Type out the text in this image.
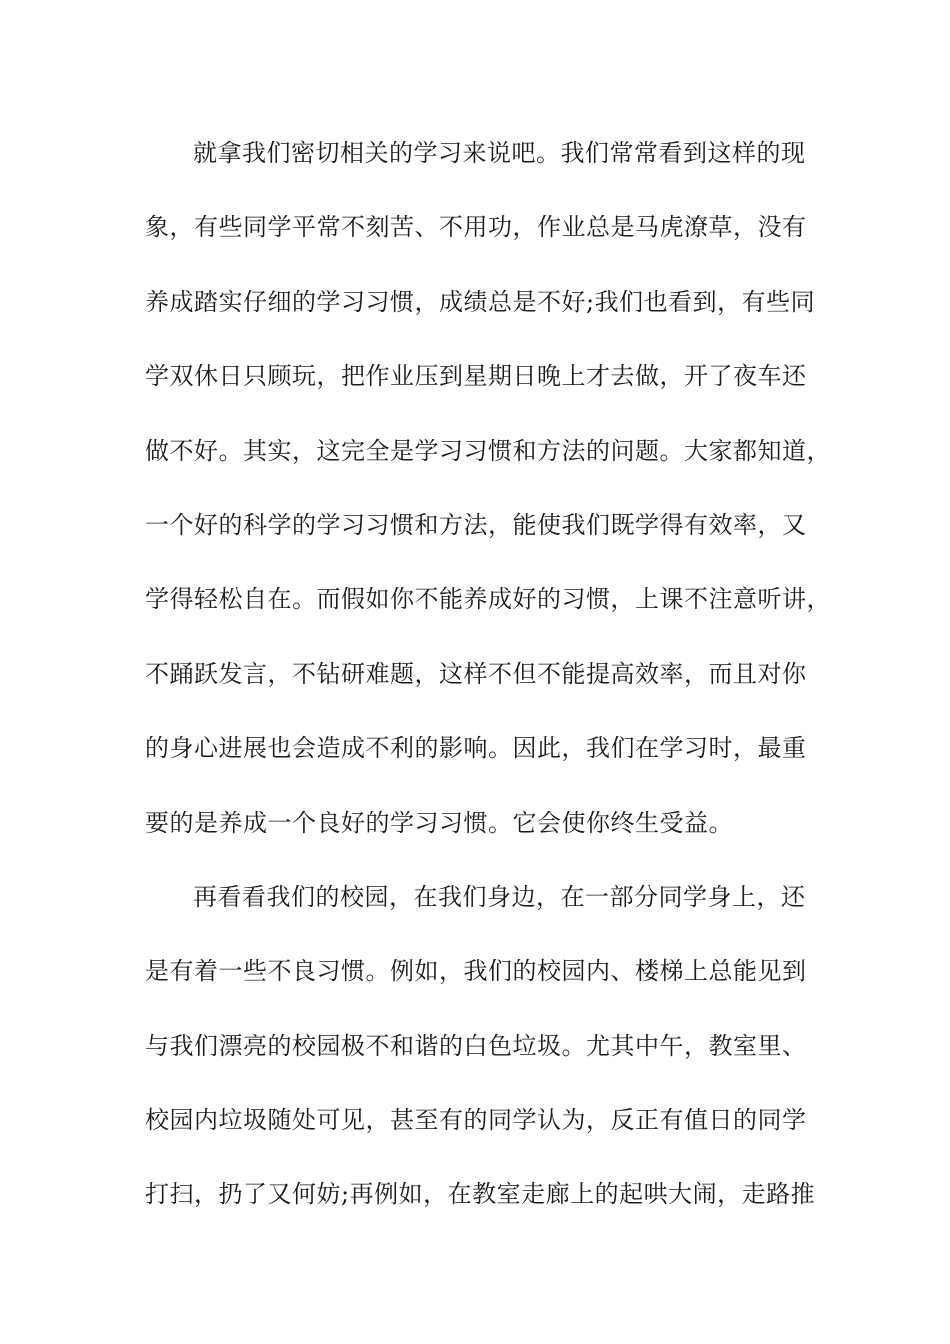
就拿我们密切相关的学习来说吧。我们常常看到这样的现
象，有些同学平常不刻苦、不用功，作业总是马虎潦草，没有
养成踏实仔细的学习习惯，成绩总是不好;我们也看到，有些同
学双休日只顾玩，把作业压到星期日晚上才去做，开了夜车还
做不好。其实，这完全是学习习惯和方法的问题。大家都知道，
一个好的科学的学习习惯和方法，能使我们既学得有效率，又
学得轻松自在。而假如你不能养成好的习惯，上课不注意听讲，
不踊跃发言，不钻研难题，这样不但不能提高效率，而且对你
的身心进展也会造成不利的影响。因此，我们在学习时，最重
要的是养成一个良好的学习习惯。它会使你终生受益。
再看看我们的校园，在我们身边，在一部分同学身上，还
是有着一些不良习惯。例如，我们的校园内、楼梯上总能见到
与我们漂亮的校园极不和谐的白色垃圾。尤其中午，教室里、
校园内垃圾随处可见，甚至有的同学认为，反正有值日的同学
打扫，扔了又何妨;再例如，在教室走廊上的起哄大闹，走路推
